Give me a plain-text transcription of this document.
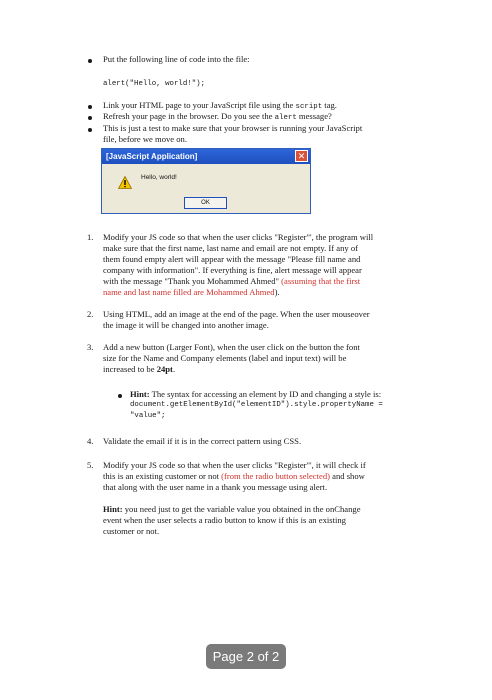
Put the following line of code into the file:
alert("Hello, world!");
Link your HTML page to your JavaScript file using the script tag.
Refresh your page in the browser. Do you see the alert message?
This is just a test to make sure that your browser is running your JavaScript
file, before we move on.
[JavaScript Application]	✕
Hello, world!
OK
1.	Modify your JS code so that when the user clicks "Register"', the program will
make sure that the first name, last name and email are not empty. If any of
them found empty alert will appear with the message "Please fill name and
company with information". If everything is fine, alert message will appear
with the message "Thank you Mohammed Ahmed" (assuming that the first
name and last name filled are Mohammed Ahmed).
2.	Using HTML, add an image at the end of the page. When the user mouseover
the image it will be changed into another image.
3.	Add a new button (Larger Font), when the user click on the button the font
size for the Name and Company elements (label and input text) will be
increased to be 24pt.
Hint: The syntax for accessing an element by ID and changing a style is:
document.getElementById("elementID").style.propertyName =
"value";
4.	Validate the email if it is in the correct pattern using CSS.
5.	Modify your JS code so that when the user clicks "Register"', it will check if
this is an existing customer or not (from the radio button selected) and show
that along with the user name in a thank you message using alert.
Hint: you need just to get the variable value you obtained in the onChange
event when the user selects a radio button to know if this is an existing
customer or not.
Page 2 of 2
